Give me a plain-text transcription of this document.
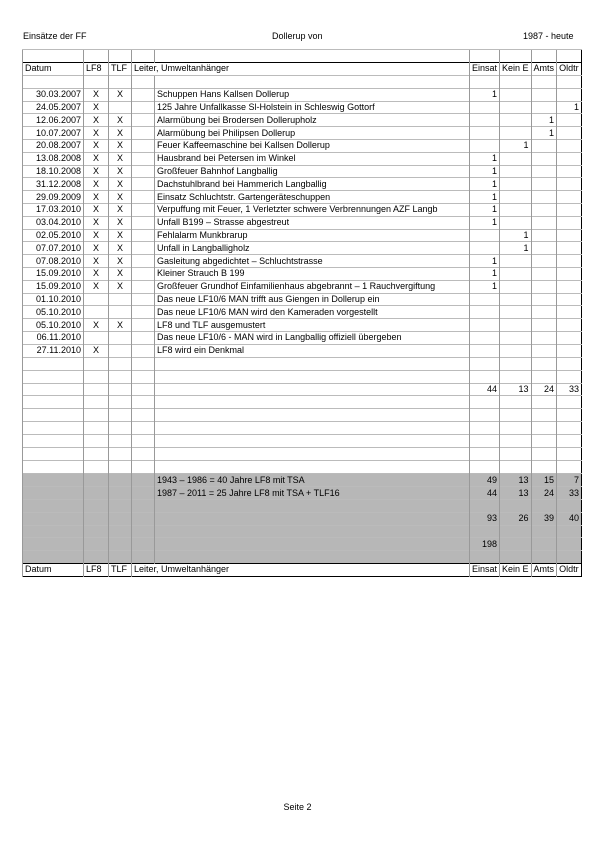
Einsätze der FF	Dollerup von	1987 - heute

Datum	LF8	TLF	Leiter, Umweltanhänger		Einsat	Kein E	Amts	Oldtr

30.03.2007	X	X		Schuppen Hans Kallsen Dollerup	1			
24.05.2007	X			125 Jahre Unfallkasse Sl-Holstein in Schleswig Gottorf				1
12.06.2007	X	X		Alarmübung bei Brodersen Dollerupholz			1	
10.07.2007	X	X		Alarmübung bei Philipsen Dollerup			1	
20.08.2007	X	X		Feuer Kaffeemaschine bei Kallsen Dollerup		1		
13.08.2008	X	X		Hausbrand bei Petersen im Winkel	1			
18.10.2008	X	X		Großfeuer Bahnhof Langballig	1			
31.12.2008	X	X		Dachstuhlbrand bei Hammerich Langballig	1			
29.09.2009	X	X		Einsatz Schluchtstr. Gartengeräteschuppen	1			
17.03.2010	X	X		Verpuffung mit Feuer, 1 Verletzter schwere Verbrennungen AZF Langb	1			
03.04.2010	X	X		Unfall B199 – Strasse abgestreut	1			
02.05.2010	X	X		Fehlalarm Munkbrarup		1		
07.07.2010	X	X		Unfall in Langballigholz		1		
07.08.2010	X	X		Gasleitung abgedichtet – Schluchtstrasse	1			
15.09.2010	X	X		Kleiner Strauch B 199	1			
15.09.2010	X	X		Großfeuer Grundhof Einfamilienhaus abgebrannt – 1 Rauchvergiftung	1			
01.10.2010				Das neue LF10/6 MAN trifft aus Giengen in Dollerup ein				
05.10.2010				Das neue LF10/6 MAN wird den Kameraden vorgestellt				
05.10.2010	X	X		LF8 und TLF ausgemustert				
06.11.2010				Das neue LF10/6 - MAN wird in Langballig offiziell übergeben				
27.11.2010	X			LF8 wird ein Denkmal				

					44	13	24	33

				1943 – 1986 = 40 Jahre LF8 mit TSA	49	13	15	7
				1987 – 2011 = 25 Jahre LF8 mit TSA + TLF16	44	13	24	33

					93	26	39	40

					198			

Datum	LF8	TLF	Leiter, Umweltanhänger		Einsat	Kein E	Amts	Oldtr
Seite 2
